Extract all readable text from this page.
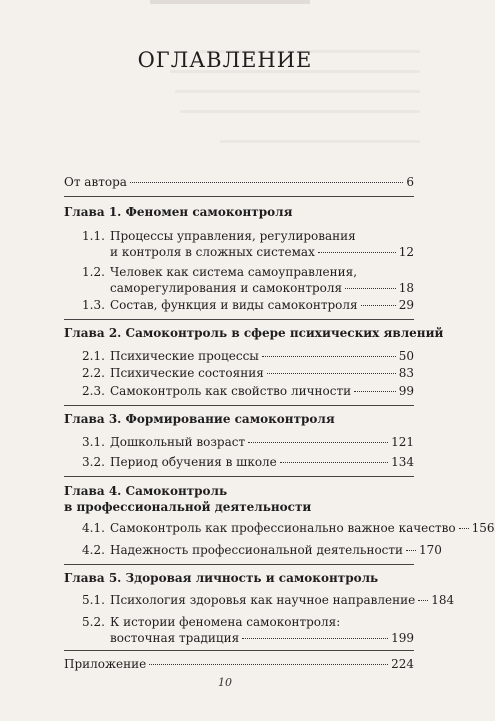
ОГЛАВЛЕНИЕ
От автора	6
Глава 1. Феномен самоконтроля
1.1. Процессы управления, регулирования
и контроля в сложных системах	12
1.2. Человек как система самоуправления,
саморегулирования и самоконтроля	18
1.3. Состав, функция и виды самоконтроля	29
Глава 2. Самоконтроль в сфере психических явлений
2.1. Психические процессы	50
2.2. Психические состояния	83
2.3. Самоконтроль как свойство личности	99
Глава 3. Формирование самоконтроля
3.1. Дошкольный возраст	121
3.2. Период обучения в школе	134
Глава 4. Самоконтроль
в профессиональной деятельности
4.1. Самоконтроль как профессионально важное качество 156
4.2. Надежность профессиональной деятельности 170
Глава 5. Здоровая личность и самоконтроль
5.1. Психология здоровья как научное направление 184
5.2. К истории феномена самоконтроля:
восточная традиция	199
Приложение	224
10
